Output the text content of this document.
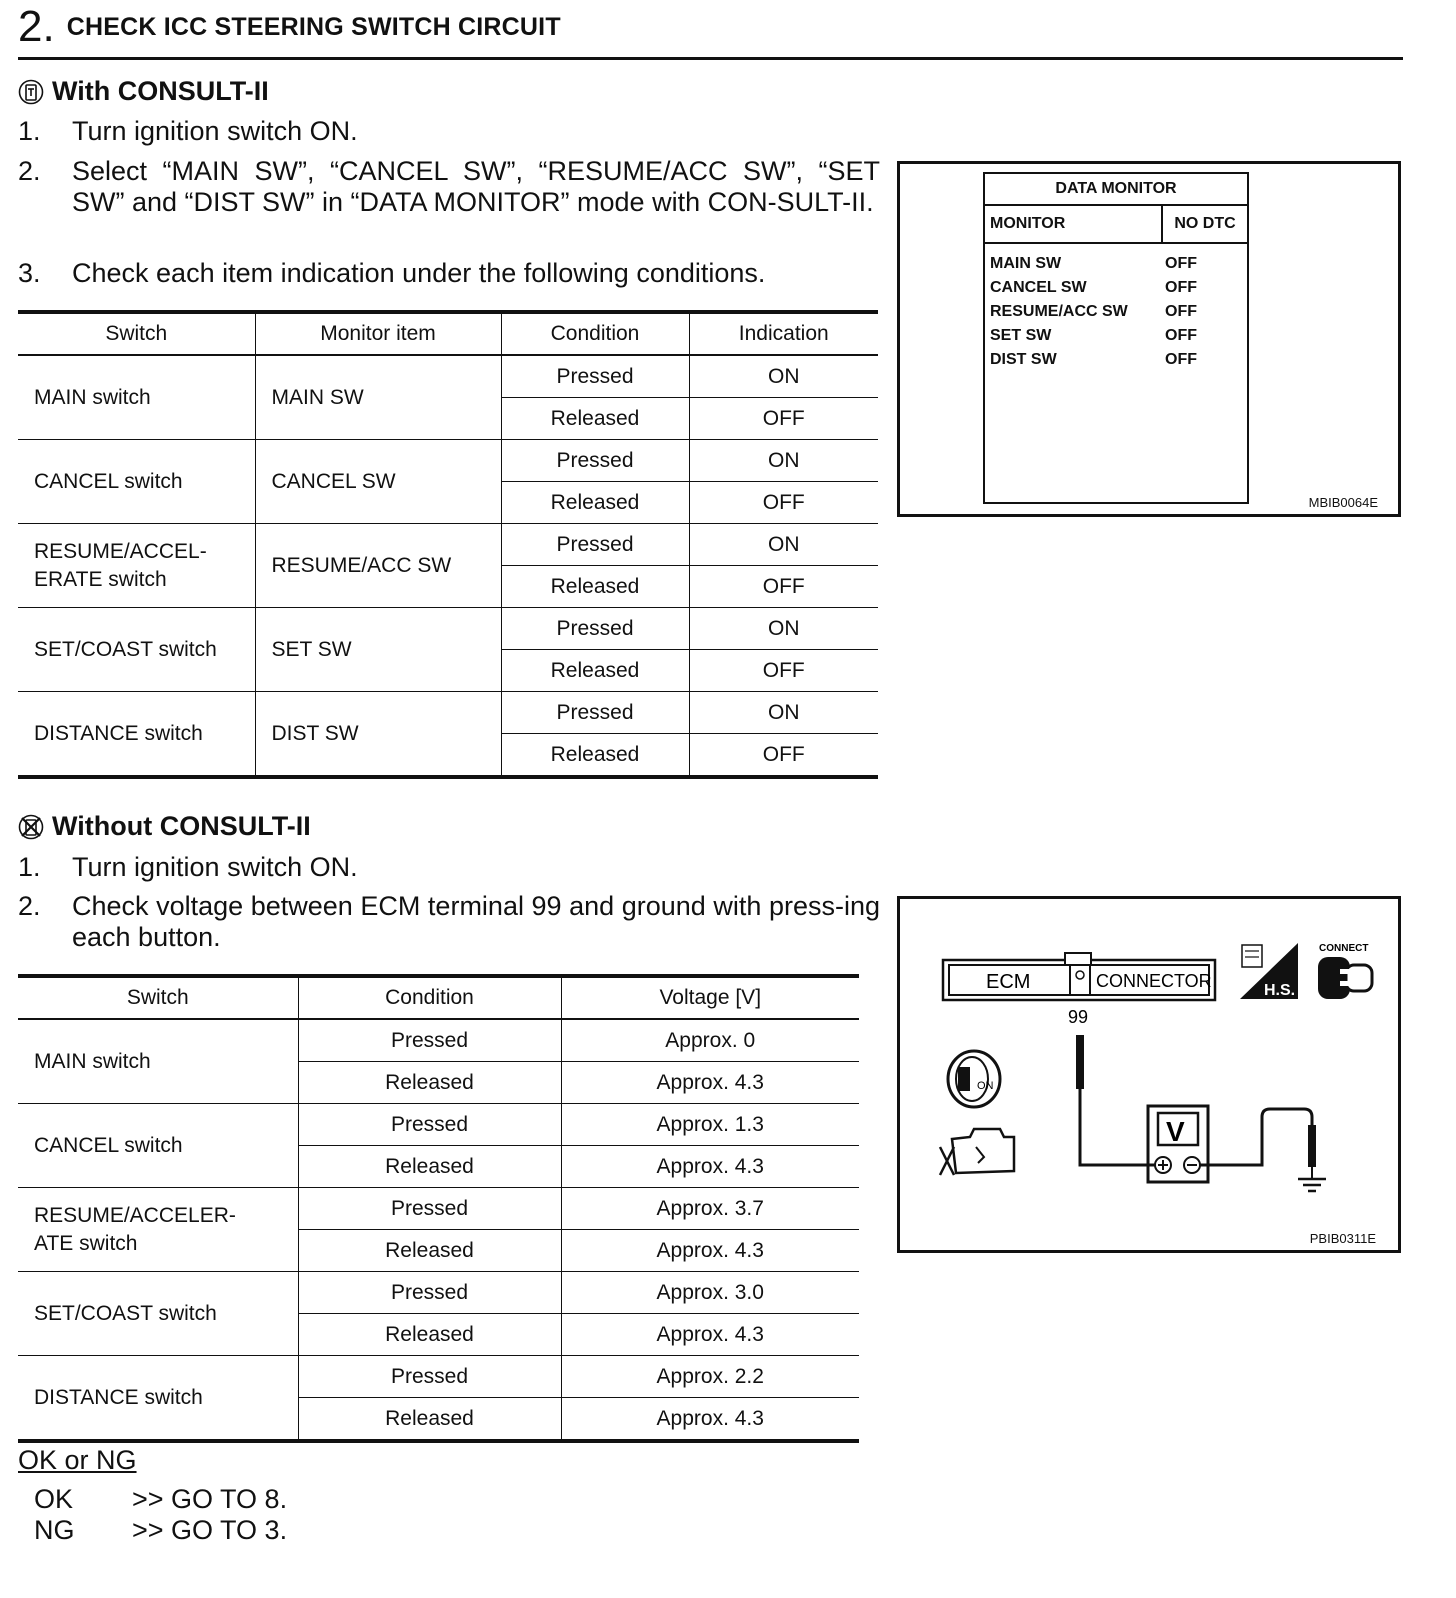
2. CHECK ICC STEERING SWITCH CIRCUIT
With CONSULT-II
1. Turn ignition switch ON.
2. Select “MAIN SW”, “CANCEL SW”, “RESUME/ACC SW”, “SET SW” and “DIST SW” in “DATA MONITOR” mode with CON-SULT-II.
3. Check each item indication under the following conditions.
Switch	Monitor item	Condition	Indication
MAIN switch	MAIN SW	Pressed	ON
		Released	OFF
CANCEL switch	CANCEL SW	Pressed	ON
		Released	OFF
RESUME/ACCEL-
ERATE switch	RESUME/ACC SW	Pressed	ON
		Released	OFF
SET/COAST switch	SET SW	Pressed	ON
		Released	OFF
DISTANCE switch	DIST SW	Pressed	ON
		Released	OFF
DATA MONITOR
MONITOR	NO DTC
MAIN SW	OFF
CANCEL SW	OFF
RESUME/ACC SW	OFF
SET SW	OFF
DIST SW	OFF
MBIB0064E
Without CONSULT-II
1. Turn ignition switch ON.
2. Check voltage between ECM terminal 99 and ground with press-ing each button.
Switch	Condition	Voltage [V]
MAIN switch	Pressed	Approx. 0
	Released	Approx. 4.3
CANCEL switch	Pressed	Approx. 1.3
	Released	Approx. 4.3
RESUME/ACCELER-
ATE switch	Pressed	Approx. 3.7
	Released	Approx. 4.3
SET/COAST switch	Pressed	Approx. 3.0
	Released	Approx. 4.3
DISTANCE switch	Pressed	Approx. 2.2
	Released	Approx. 4.3
ECM	CONNECTOR
99
H.S.
CONNECT
ON
V
PBIB0311E
OK or NG
OK >> GO TO 8.
NG >> GO TO 3.
